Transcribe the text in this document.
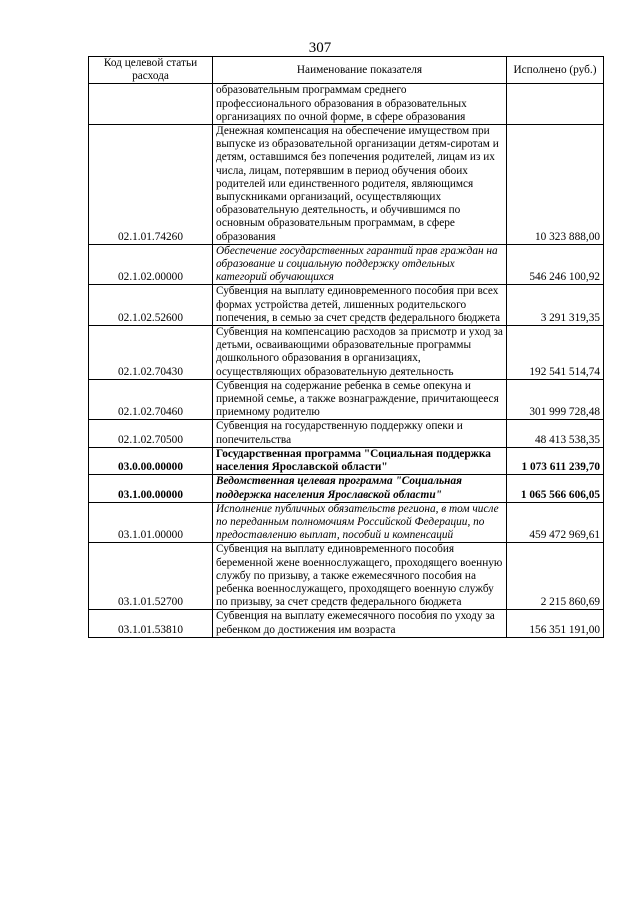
307
Код целевой статьи расхода	Наименование показателя	Исполнено (руб.)
	образовательным программам среднего профессионального образования в образовательных организациях по очной форме, в сфере образования	
02.1.01.74260	Денежная компенсация на обеспечение имуществом при выпуске из образовательной организации детям-сиротам и детям, оставшимся без попечения родителей, лицам из их числа, лицам, потерявшим в период обучения обоих родителей или единственного родителя, являющимся выпускниками организаций, осуществляющих образовательную деятельность, и обучившимся по основным образовательным программам, в сфере образования	10 323 888,00
02.1.02.00000	Обеспечение государственных гарантий прав граждан на образование и социальную поддержку отдельных категорий обучающихся	546 246 100,92
02.1.02.52600	Субвенция на выплату единовременного пособия при всех формах устройства детей, лишенных родительского попечения, в семью за счет средств федерального бюджета	3 291 319,35
02.1.02.70430	Субвенция на компенсацию расходов за присмотр и уход за детьми, осваивающими образовательные программы дошкольного образования в организациях, осуществляющих образовательную деятельность	192 541 514,74
02.1.02.70460	Субвенция на содержание ребенка в семье опекуна и приемной семье, а также вознаграждение, причитающееся приемному родителю	301 999 728,48
02.1.02.70500	Субвенция на государственную поддержку опеки и попечительства	48 413 538,35
03.0.00.00000	Государственная программа "Социальная поддержка населения Ярославской области"	1 073 611 239,70
03.1.00.00000	Ведомственная целевая программа "Социальная поддержка населения Ярославской области"	1 065 566 606,05
03.1.01.00000	Исполнение публичных обязательств региона, в том числе по переданным полномочиям Российской Федерации, по предоставлению выплат, пособий и компенсаций	459 472 969,61
03.1.01.52700	Субвенция на выплату единовременного пособия беременной жене военнослужащего, проходящего военную службу по призыву, а также ежемесячного пособия на ребенка военнослужащего, проходящего военную службу по призыву, за счет средств федерального бюджета	2 215 860,69
03.1.01.53810	Субвенция на выплату ежемесячного пособия по уходу за ребенком до достижения им возраста	156 351 191,00
